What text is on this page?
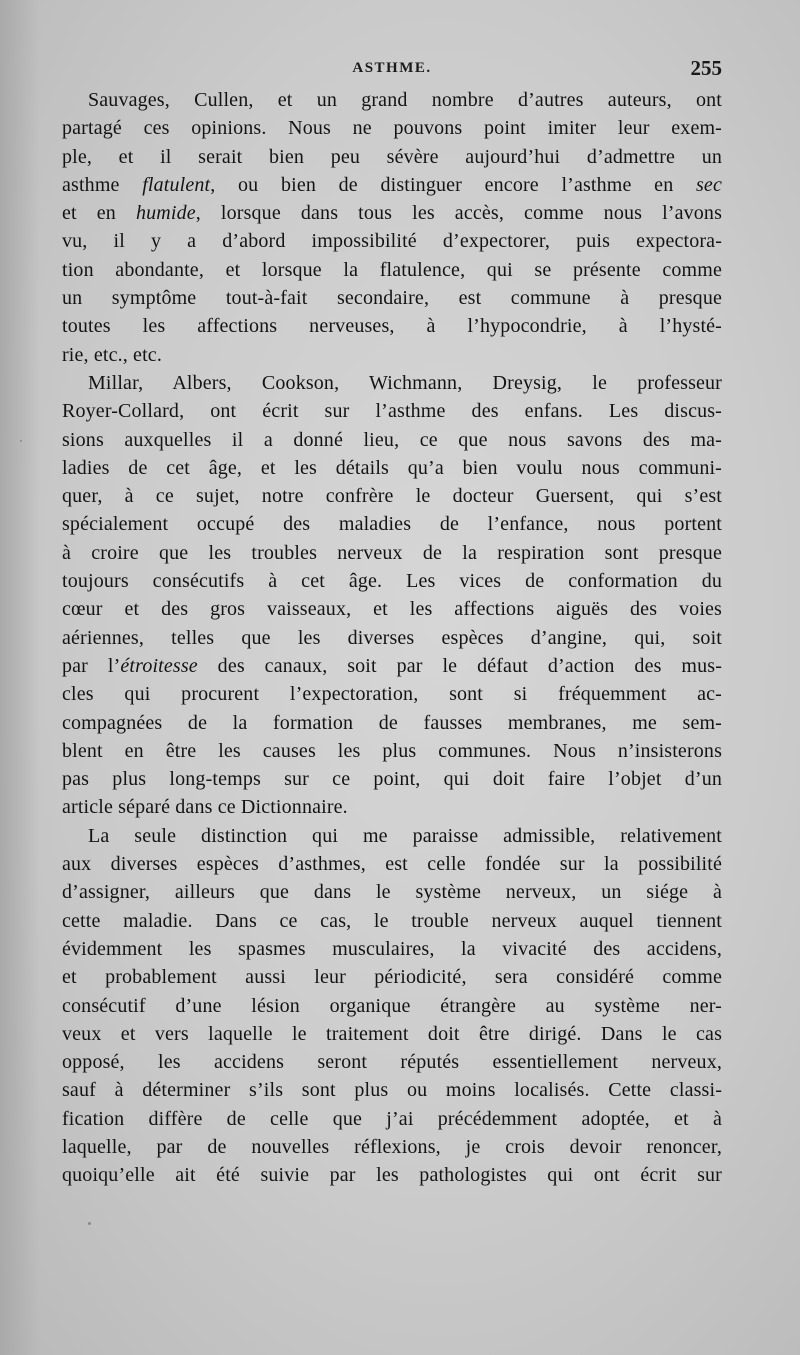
ASTHME.	255
Sauvages, Cullen, et un grand nombre d’autres auteurs, ont
partagé ces opinions. Nous ne pouvons point imiter leur exem-
ple, et il serait bien peu sévère aujourd’hui d’admettre un
asthme flatulent, ou bien de distinguer encore l’asthme en sec
et en humide, lorsque dans tous les accès, comme nous l’avons
vu, il y a d’abord impossibilité d’expectorer, puis expectora-
tion abondante, et lorsque la flatulence, qui se présente comme
un symptôme tout-à-fait secondaire, est commune à presque
toutes les affections nerveuses, à l’hypocondrie, à l’hysté-
rie, etc., etc.
Millar, Albers, Cookson, Wichmann, Dreysig, le professeur
Royer-Collard, ont écrit sur l’asthme des enfans. Les discus-
sions auxquelles il a donné lieu, ce que nous savons des ma-
ladies de cet âge, et les détails qu’a bien voulu nous communi-
quer, à ce sujet, notre confrère le docteur Guersent, qui s’est
spécialement occupé des maladies de l’enfance, nous portent
à croire que les troubles nerveux de la respiration sont presque
toujours consécutifs à cet âge. Les vices de conformation du
cœur et des gros vaisseaux, et les affections aiguës des voies
aériennes, telles que les diverses espèces d’angine, qui, soit
par l’étroitesse des canaux, soit par le défaut d’action des mus-
cles qui procurent l’expectoration, sont si fréquemment ac-
compagnées de la formation de fausses membranes, me sem-
blent en être les causes les plus communes. Nous n’insisterons
pas plus long-temps sur ce point, qui doit faire l’objet d’un
article séparé dans ce Dictionnaire.
La seule distinction qui me paraisse admissible, relativement
aux diverses espèces d’asthmes, est celle fondée sur la possibilité
d’assigner, ailleurs que dans le système nerveux, un siége à
cette maladie. Dans ce cas, le trouble nerveux auquel tiennent
évidemment les spasmes musculaires, la vivacité des accidens,
et probablement aussi leur périodicité, sera considéré comme
consécutif d’une lésion organique étrangère au système ner-
veux et vers laquelle le traitement doit être dirigé. Dans le cas
opposé, les accidens seront réputés essentiellement nerveux,
sauf à déterminer s’ils sont plus ou moins localisés. Cette classi-
fication diffère de celle que j’ai précédemment adoptée, et à
laquelle, par de nouvelles réflexions, je crois devoir renoncer,
quoiqu’elle ait été suivie par les pathologistes qui ont écrit sur
